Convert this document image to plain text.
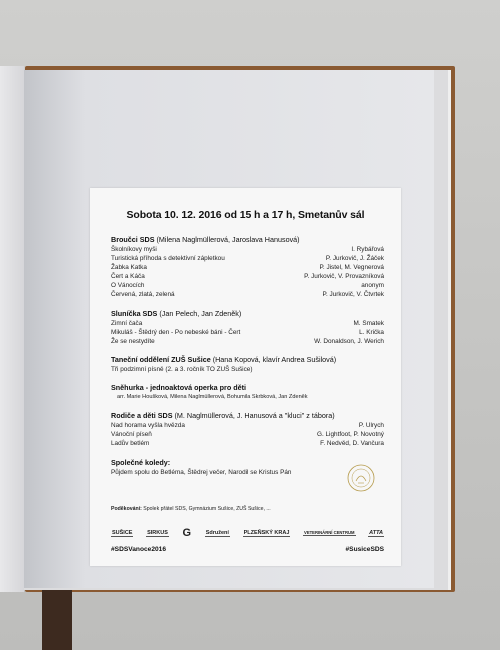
Sobota 10. 12. 2016 od 15 h a 17 h, Smetanův sál
Broučci SDS (Milena Naglmüllerová, Jaroslava Hanusová)
Školníkovy myši	I. Rybářová
Turistická příhoda s detektivní zápletkou	P. Jurkovič, J. Žáček
Žabka Katka	P. Jistel, M. Vegnerová
Čert a Káča	P. Jurkovič, V. Provazníková
O Vánocích	anonym
Červená, zlatá, zelená	P. Jurkovič, V. Čtvrtek
Sluníčka SDS (Jan Pelech, Jan Zdeněk)
Zimní čača	M. Smatek
Mikuláš - Štědrý den - Po nebeské báni - Čert	L. Krička
Že se nestydíte	W. Donaldson, J. Werich
Taneční oddělení ZUŠ Sušice (Hana Kopová, klavír Andrea Sušilová)
Tři podzimní písně (2. a 3. ročník TO ZUŠ Sušice)
Sněhurka - jednoaktová operka pro děti
arr. Marie Houšková, Milena Naglmüllerová, Bohumila Skrbková, Jan Zdeněk
Rodiče a děti SDS (M. Naglmüllerová, J. Hanusová a "kluci" z tábora)
Nad horama vyšla hvězda	P. Ulrych
Vánoční píseň	G. Lightfoot, P. Novotný
Ladův betlém	F. Nedvěd, D. Vančura
Společné koledy:
Půjdem spolu do Betléma, Štědrej večer, Narodil se Kristus Pán
Poděkování: Spolek přátel SDS, Gymnázium Sušice, ZUŠ Sušice, ...
SUŠICE	SIRKUS G	Sdružení	PLZEŇSKÝ KRAJ	VETERINÁRNÍ CENTRUM	ATTA
#SDSVanoce2016	#SusiceSDS
